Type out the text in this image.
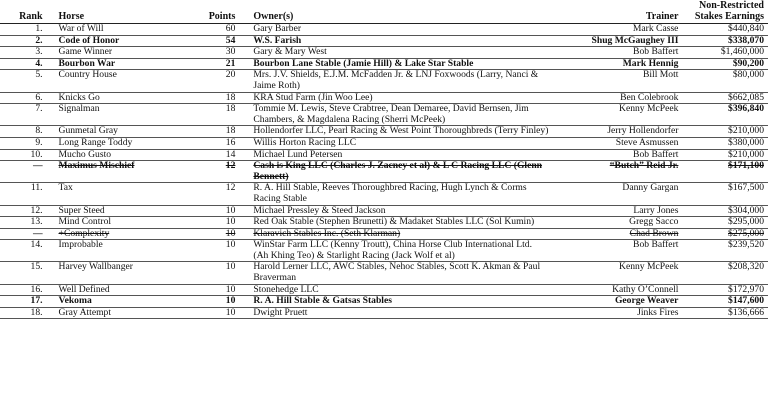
Rank	Horse	Points	Owner(s)	Trainer	Non-Restricted
Stakes Earnings
1.	War of Will	60	Gary Barber	Mark Casse	$440,840
2.	Code of Honor	54	W.S. Farish	Shug McGaughey III	$338,070
3.	Game Winner	30	Gary & Mary West	Bob Baffert	$1,460,000
4.	Bourbon War	21	Bourbon Lane Stable (Jamie Hill) & Lake Star Stable	Mark Hennig	$90,200
5.	Country House	20	Mrs. J.V. Shields, E.J.M. McFadden Jr. & LNJ Foxwoods (Larry, Nanci & Jaime Roth)	Bill Mott	$80,000
6.	Knicks Go	18	KRA Stud Farm (Jin Woo Lee)	Ben Colebrook	$662,085
7.	Signalman	18	Tommie M. Lewis, Steve Crabtree, Dean Demaree, David Bernsen, Jim Chambers, & Magdalena Racing (Sherri McPeek)	Kenny McPeek	$396,840
8.	Gunmetal Gray	18	Hollendorfer LLC, Pearl Racing & West Point Thoroughbreds (Terry Finley)	Jerry Hollendorfer	$210,000
9.	Long Range Toddy	16	Willis Horton Racing LLC	Steve Asmussen	$380,000
10.	Mucho Gusto	14	Michael Lund Petersen	Bob Baffert	$210,000
—	Maximus Mischief	12	Cash is King LLC (Charles J. Zacney et al) & L C Racing LLC (Glenn Bennett)	“Butch” Reid Jr.	$171,100
11.	Tax	12	R. A. Hill Stable, Reeves Thoroughbred Racing, Hugh Lynch & Corms Racing Stable	Danny Gargan	$167,500
12.	Super Steed	10	Michael Pressley & Steed Jackson	Larry Jones	$304,000
13.	Mind Control	10	Red Oak Stable (Stephen Brunetti) & Madaket Stables LLC (Sol Kumin)	Gregg Sacco	$295,000
—	+Complexity	10	Klaravich Stables Inc. (Seth Klarman)	Chad Brown	$275,000
14.	Improbable	10	WinStar Farm LLC (Kenny Troutt), China Horse Club International Ltd. (Ah Khing Teo) & Starlight Racing (Jack Wolf et al)	Bob Baffert	$239,520
15.	Harvey Wallbanger	10	Harold Lerner LLC, AWC Stables, Nehoc Stables, Scott K. Akman & Paul Braverman	Kenny McPeek	$208,320
16.	Well Defined	10	Stonehedge LLC	Kathy O’Connell	$172,970
17.	Vekoma	10	R. A. Hill Stable & Gatsas Stables	George Weaver	$147,600
18.	Gray Attempt	10	Dwight Pruett	Jinks Fires	$136,666
